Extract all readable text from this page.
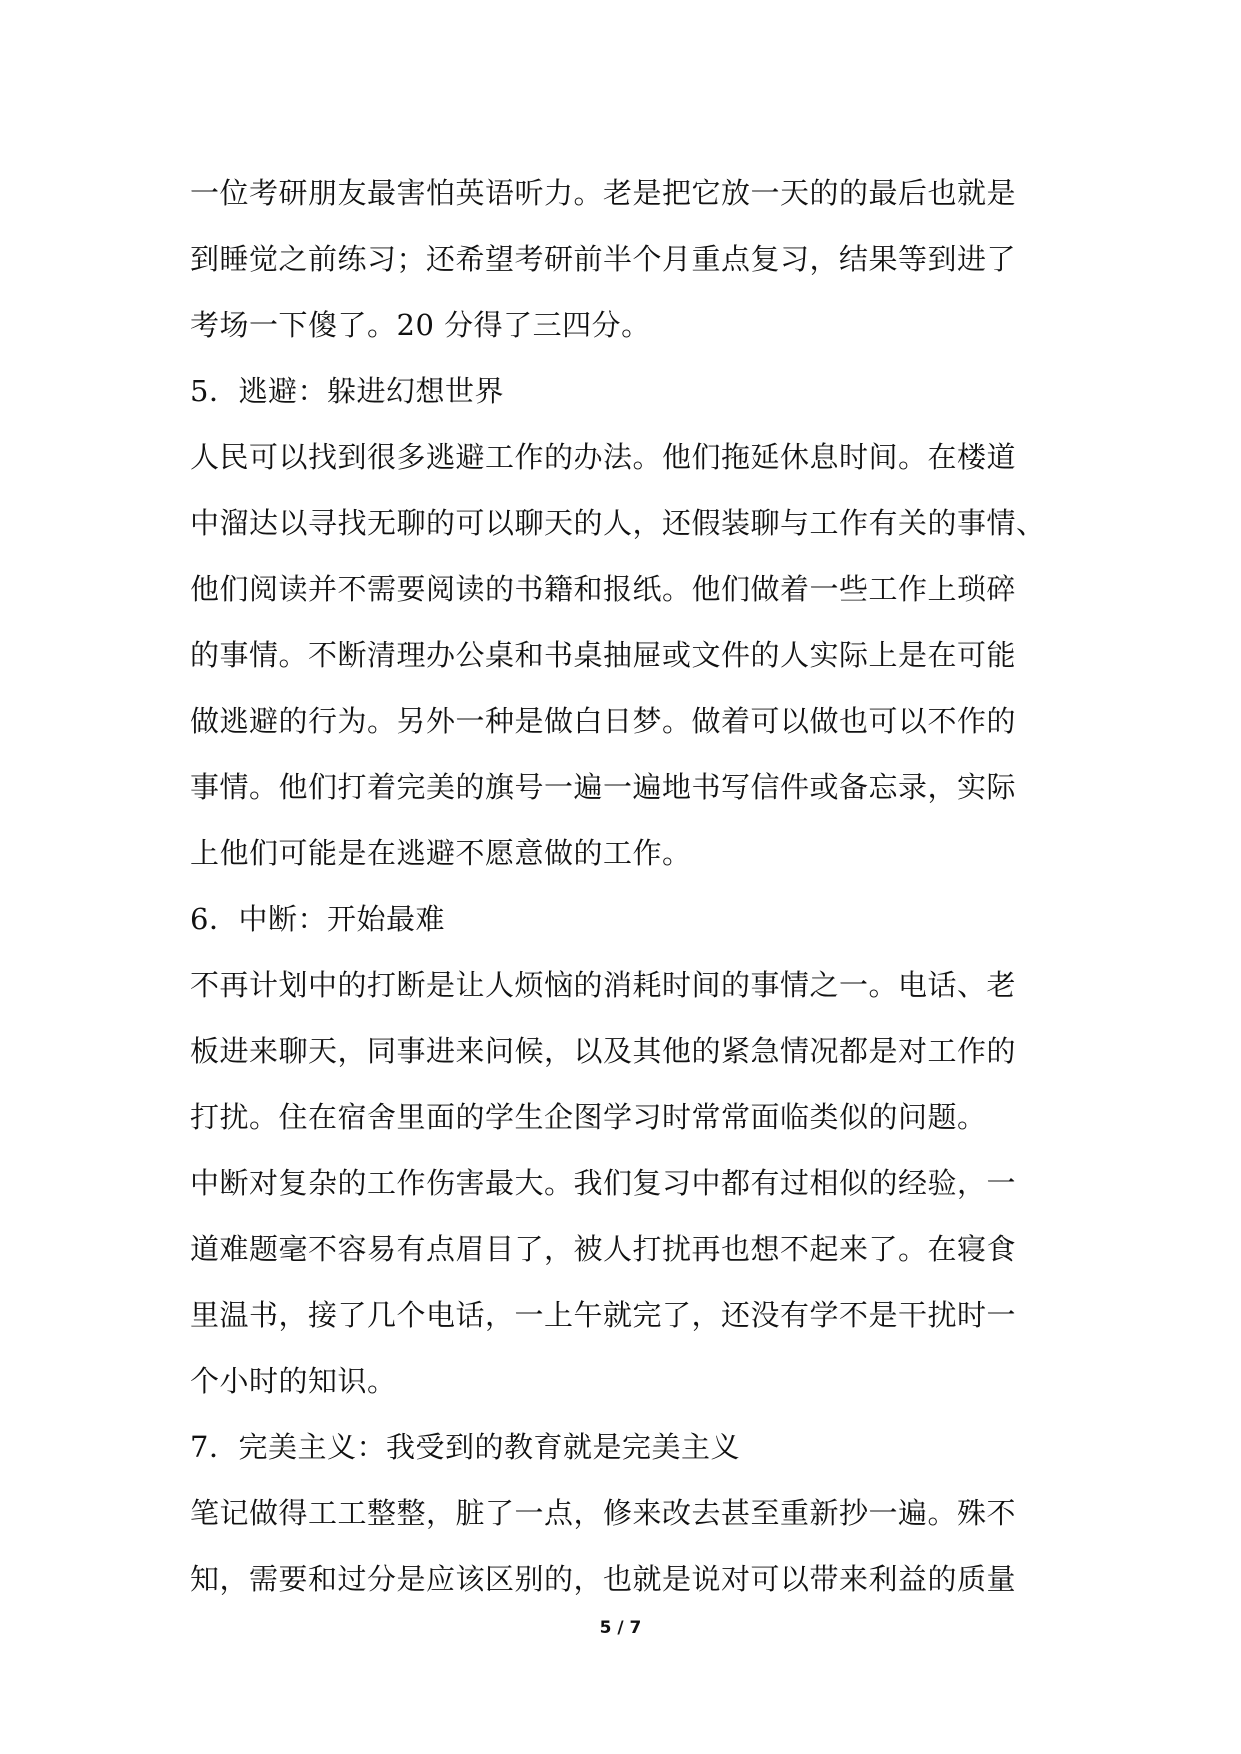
一位考研朋友最害怕英语听力。老是把它放一天的的最后也就是
到睡觉之前练习；还希望考研前半个月重点复习，结果等到进了
考场一下傻了。20 分得了三四分。
5．逃避：躲进幻想世界
人民可以找到很多逃避工作的办法。他们拖延休息时间。在楼道
中溜达以寻找无聊的可以聊天的人，还假装聊与工作有关的事情、
他们阅读并不需要阅读的书籍和报纸。他们做着一些工作上琐碎
的事情。不断清理办公桌和书桌抽屉或文件的人实际上是在可能
做逃避的行为。另外一种是做白日梦。做着可以做也可以不作的
事情。他们打着完美的旗号一遍一遍地书写信件或备忘录，实际
上他们可能是在逃避不愿意做的工作。
6．中断：开始最难
不再计划中的打断是让人烦恼的消耗时间的事情之一。电话、老
板进来聊天，同事进来问候，以及其他的紧急情况都是对工作的
打扰。住在宿舍里面的学生企图学习时常常面临类似的问题。
中断对复杂的工作伤害最大。我们复习中都有过相似的经验，一
道难题毫不容易有点眉目了，被人打扰再也想不起来了。在寝食
里温书，接了几个电话，一上午就完了，还没有学不是干扰时一
个小时的知识。
7．完美主义：我受到的教育就是完美主义
笔记做得工工整整，脏了一点，修来改去甚至重新抄一遍。殊不
知，需要和过分是应该区别的，也就是说对可以带来利益的质量
5 / 7
